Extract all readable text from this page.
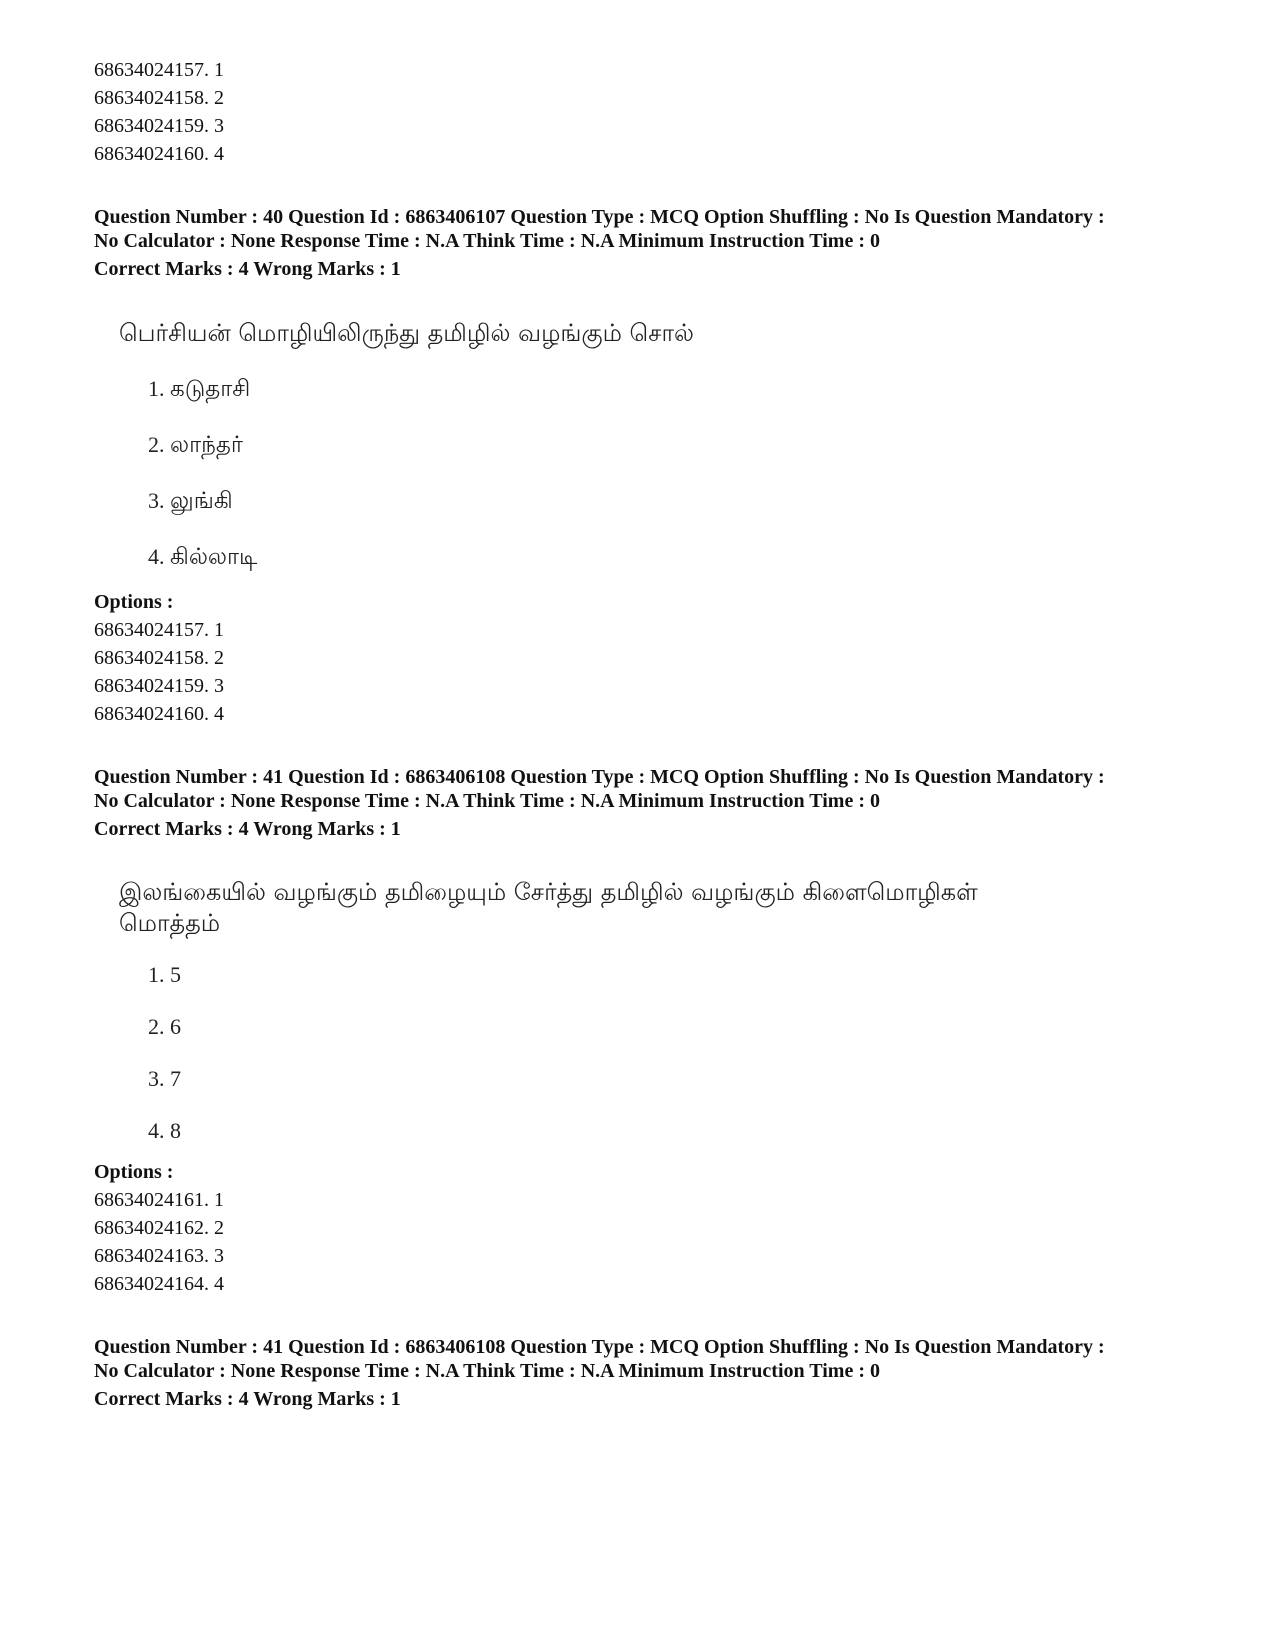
68634024157. 1
68634024158. 2
68634024159. 3
68634024160. 4
Question Number : 40 Question Id : 6863406107 Question Type : MCQ Option Shuffling : No Is Question Mandatory :
No Calculator : None Response Time : N.A Think Time : N.A Minimum Instruction Time : 0
Correct Marks : 4 Wrong Marks : 1
பெர்சியன் மொழியிலிருந்து தமிழில் வழங்கும் சொல்
1. கடுதாசி
2. லாந்தர்
3. லுங்கி
4. கில்லாடி
Options :
68634024157. 1
68634024158. 2
68634024159. 3
68634024160. 4
Question Number : 41 Question Id : 6863406108 Question Type : MCQ Option Shuffling : No Is Question Mandatory :
No Calculator : None Response Time : N.A Think Time : N.A Minimum Instruction Time : 0
Correct Marks : 4 Wrong Marks : 1
இலங்கையில் வழங்கும் தமிழையும் சேர்த்து தமிழில் வழங்கும் கிளைமொழிகள்
மொத்தம்
1. 5
2. 6
3. 7
4. 8
Options :
68634024161. 1
68634024162. 2
68634024163. 3
68634024164. 4
Question Number : 41 Question Id : 6863406108 Question Type : MCQ Option Shuffling : No Is Question Mandatory :
No Calculator : None Response Time : N.A Think Time : N.A Minimum Instruction Time : 0
Correct Marks : 4 Wrong Marks : 1
